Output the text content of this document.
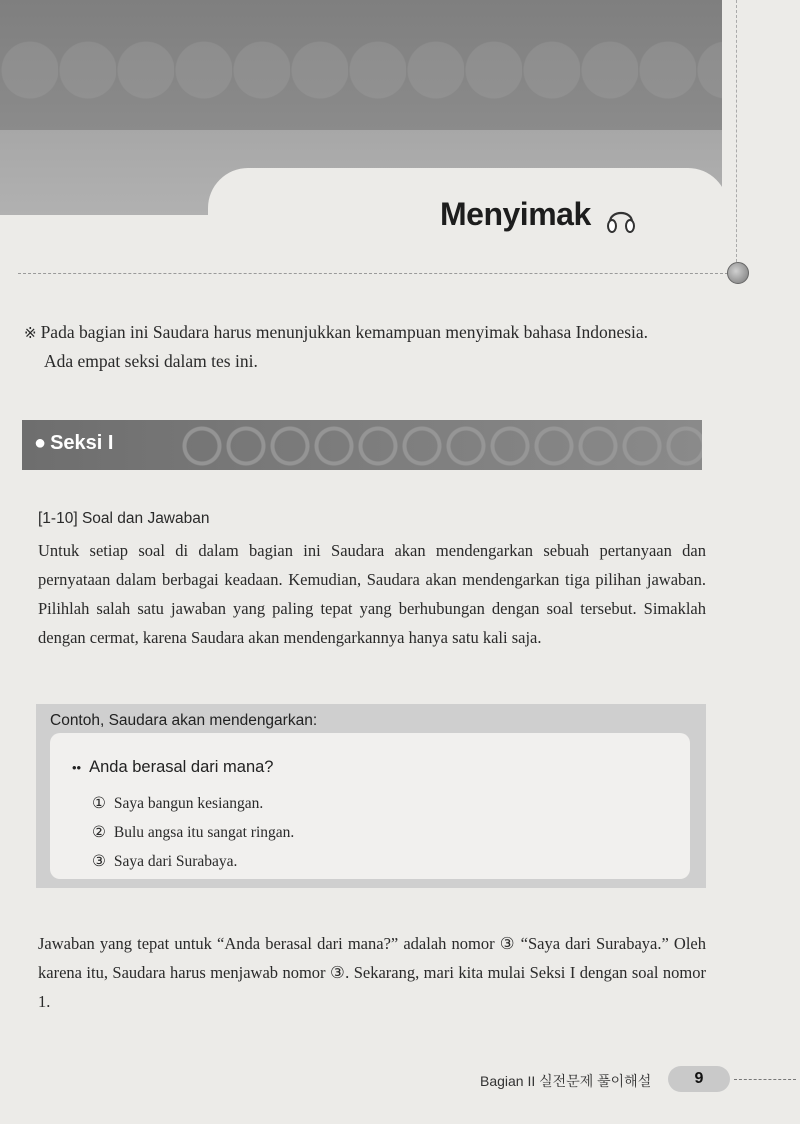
Menyimak
※ Pada bagian ini Saudara harus menunjukkan kemampuan menyimak bahasa Indonesia.
Ada empat seksi dalam tes ini.
● Seksi I
[1-10] Soal dan Jawaban
Untuk setiap soal di dalam bagian ini Saudara akan mendengarkan sebuah pertanyaan dan pernyataan dalam berbagai keadaan. Kemudian, Saudara akan mendengarkan tiga pilihan jawaban. Pilihlah salah satu jawaban yang paling tepat yang berhubungan dengan soal tersebut. Simaklah dengan cermat, karena Saudara akan mendengarkannya hanya satu kali saja.
Contoh, Saudara akan mendengarkan:
•• Anda berasal dari mana?
① Saya bangun kesiangan.
② Bulu angsa itu sangat ringan.
③ Saya dari Surabaya.
Jawaban yang tepat untuk “Anda berasal dari mana?” adalah nomor ③ “Saya dari Surabaya.” Oleh karena itu, Saudara harus menjawab nomor ③. Sekarang, mari kita mulai Seksi I dengan soal nomor 1.
Bagian II 실전문제 풀이해설	9
